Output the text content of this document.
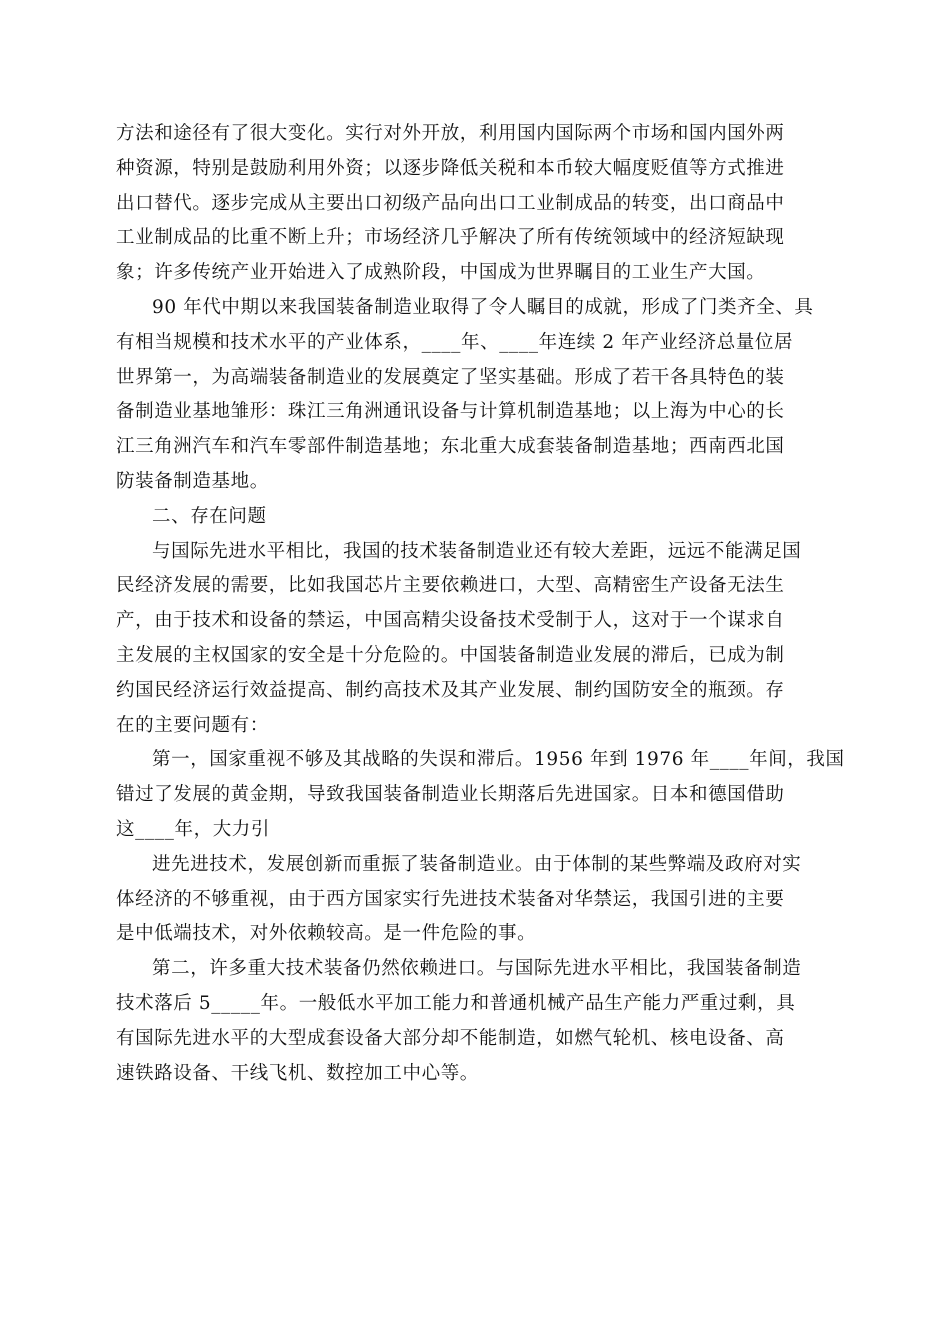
方法和途径有了很大变化。实行对外开放，利用国内国际两个市场和国内国外两
种资源，特别是鼓励利用外资；以逐步降低关税和本币较大幅度贬值等方式推进
出口替代。逐步完成从主要出口初级产品向出口工业制成品的转变，出口商品中
工业制成品的比重不断上升；市场经济几乎解决了所有传统领域中的经济短缺现
象；许多传统产业开始进入了成熟阶段，中国成为世界瞩目的工业生产大国。
90 年代中期以来我国装备制造业取得了令人瞩目的成就，形成了门类齐全、具
有相当规模和技术水平的产业体系，____年、____年连续 2 年产业经济总量位居
世界第一，为高端装备制造业的发展奠定了坚实基础。形成了若干各具特色的装
备制造业基地雏形：珠江三角洲通讯设备与计算机制造基地；以上海为中心的长
江三角洲汽车和汽车零部件制造基地；东北重大成套装备制造基地；西南西北国
防装备制造基地。
二、存在问题
与国际先进水平相比，我国的技术装备制造业还有较大差距，远远不能满足国
民经济发展的需要，比如我国芯片主要依赖进口，大型、高精密生产设备无法生
产，由于技术和设备的禁运，中国高精尖设备技术受制于人，这对于一个谋求自
主发展的主权国家的安全是十分危险的。中国装备制造业发展的滞后，已成为制
约国民经济运行效益提高、制约高技术及其产业发展、制约国防安全的瓶颈。存
在的主要问题有：
第一，国家重视不够及其战略的失误和滞后。1956 年到 1976 年____年间，我国
错过了发展的黄金期，导致我国装备制造业长期落后先进国家。日本和德国借助
这____年，大力引
进先进技术，发展创新而重振了装备制造业。由于体制的某些弊端及政府对实
体经济的不够重视，由于西方国家实行先进技术装备对华禁运，我国引进的主要
是中低端技术，对外依赖较高。是一件危险的事。
第二，许多重大技术装备仍然依赖进口。与国际先进水平相比，我国装备制造
技术落后 5_____年。一般低水平加工能力和普通机械产品生产能力严重过剩，具
有国际先进水平的大型成套设备大部分却不能制造，如燃气轮机、核电设备、高
速铁路设备、干线飞机、数控加工中心等。
